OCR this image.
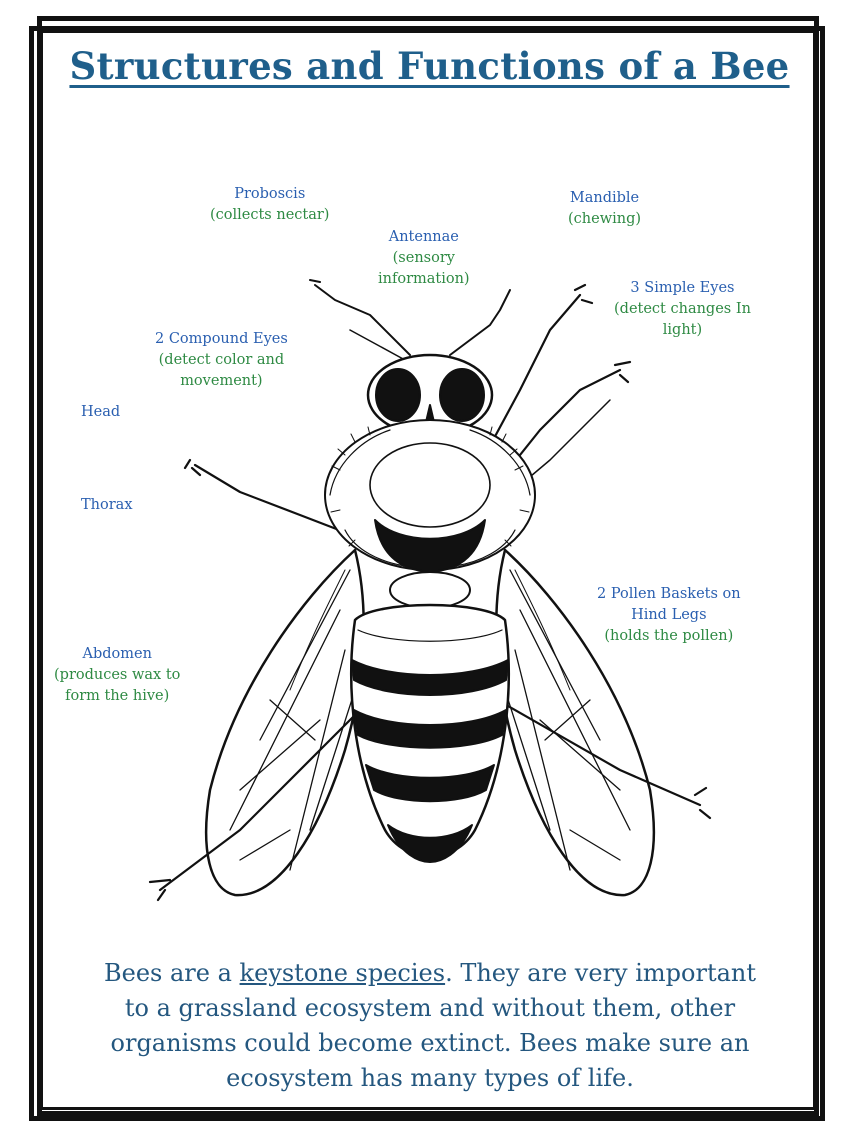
Structures and Functions of a Bee
Proboscis
(collects nectar)
Antennae
(sensory
information)
Mandible
(chewing)
3 Simple Eyes
(detect changes In
light)
2 Compound Eyes
(detect color and
movement)
Head
Thorax
2 Pollen Baskets on
Hind Legs
(holds the pollen)
Abdomen
(produces wax to
form the hive)
Bees are a keystone species. They are very important to a grassland ecosystem and without them, other organisms could become extinct. Bees make sure an ecosystem has many types of life.
